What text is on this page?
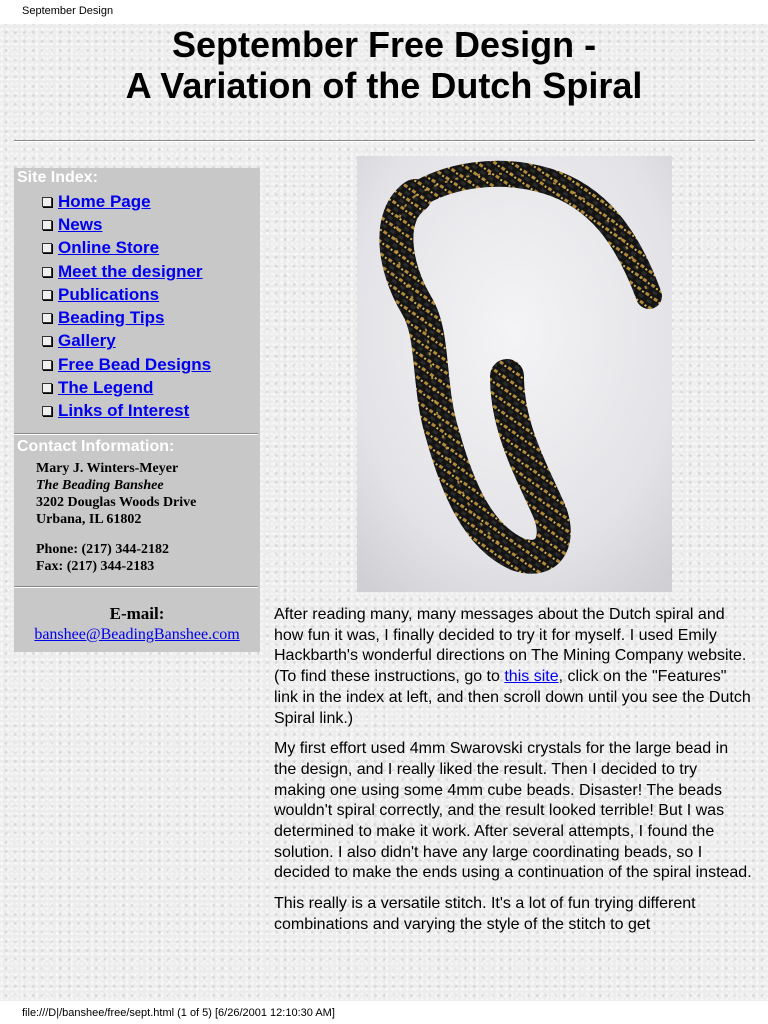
September Design
September Free Design -
A Variation of the Dutch Spiral
Site Index:
Home Page
News
Online Store
Meet the designer
Publications
Beading Tips
Gallery
Free Bead Designs
The Legend
Links of Interest
Contact Information:
Mary J. Winters-Meyer
The Beading Banshee
3202 Douglas Woods Drive
Urbana, IL 61802
Phone: (217) 344-2182
Fax: (217) 344-2183
E-mail:
banshee@BeadingBanshee.com

After reading many, many messages about the Dutch spiral and how fun it was, I finally decided to try it for myself. I used Emily Hackbarth's wonderful directions on The Mining Company website. (To find these instructions, go to this site, click on the "Features" link in the index at left, and then scroll down until you see the Dutch Spiral link.)

My first effort used 4mm Swarovski crystals for the large bead in the design, and I really liked the result. Then I decided to try making one using some 4mm cube beads. Disaster! The beads wouldn't spiral correctly, and the result looked terrible! But I was determined to make it work. After several attempts, I found the solution. I also didn't have any large coordinating beads, so I decided to make the ends using a continuation of the spiral instead.

This really is a versatile stitch. It's a lot of fun trying different combinations and varying the style of the stitch to get

file:///D|/banshee/free/sept.html (1 of 5) [6/26/2001 12:10:30 AM]
